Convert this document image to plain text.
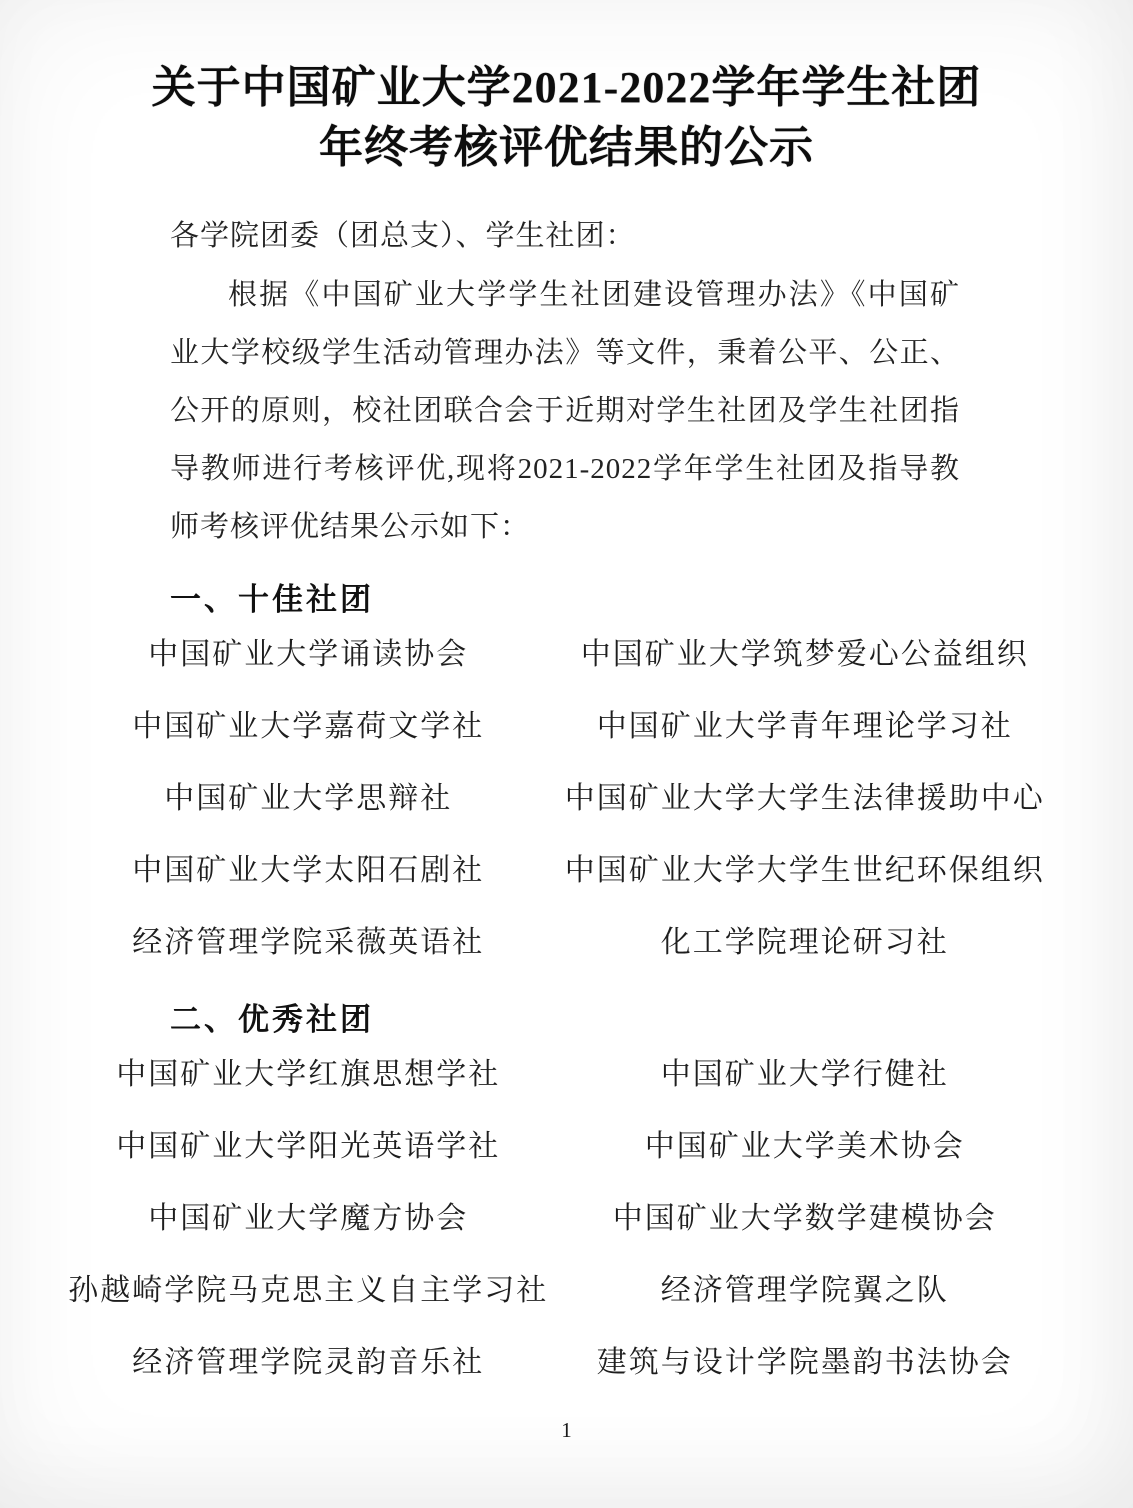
关于中国矿业大学2021-2022学年学生社团
年终考核评优结果的公示
各学院团委（团总支）、学生社团：
根据《中国矿业大学学生社团建设管理办法》《中国矿
业大学校级学生活动管理办法》等文件，秉着公平、公正、
公开的原则，校社团联合会于近期对学生社团及学生社团指
导教师进行考核评优,现将2021-2022学年学生社团及指导教
师考核评优结果公示如下：
一、十佳社团
中国矿业大学诵读协会	中国矿业大学筑梦爱心公益组织
中国矿业大学嘉荷文学社	中国矿业大学青年理论学习社
中国矿业大学思辩社	中国矿业大学大学生法律援助中心
中国矿业大学太阳石剧社	中国矿业大学大学生世纪环保组织
经济管理学院采薇英语社	化工学院理论研习社
二、优秀社团
中国矿业大学红旗思想学社	中国矿业大学行健社
中国矿业大学阳光英语学社	中国矿业大学美术协会
中国矿业大学魔方协会	中国矿业大学数学建模协会
孙越崎学院马克思主义自主学习社	经济管理学院翼之队
经济管理学院灵韵音乐社	建筑与设计学院墨韵书法协会
1
